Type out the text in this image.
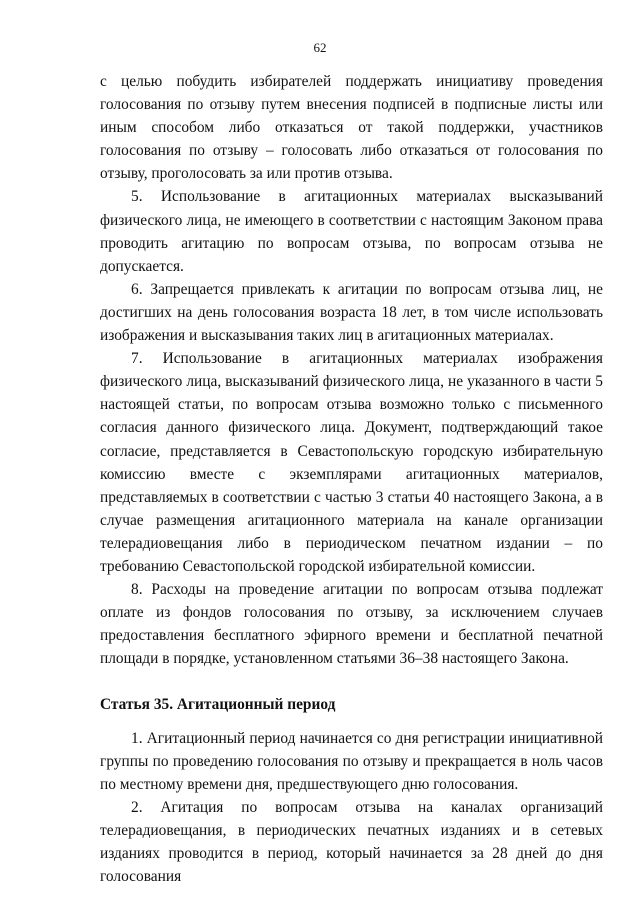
62

с целью побудить избирателей поддержать инициативу проведения голосования по отзыву путем внесения подписей в подписные листы или иным способом либо отказаться от такой поддержки, участников голосования по отзыву – голосовать либо отказаться от голосования по отзыву, проголосовать за или против отзыва.

5. Использование в агитационных материалах высказываний физического лица, не имеющего в соответствии с настоящим Законом права проводить агитацию по вопросам отзыва, по вопросам отзыва не допускается.

6. Запрещается привлекать к агитации по вопросам отзыва лиц, не достигших на день голосования возраста 18 лет, в том числе использовать изображения и высказывания таких лиц в агитационных материалах.

7. Использование в агитационных материалах изображения физического лица, высказываний физического лица, не указанного в части 5 настоящей статьи, по вопросам отзыва возможно только с письменного согласия данного физического лица. Документ, подтверждающий такое согласие, представляется в Севастопольскую городскую избирательную комиссию вместе с экземплярами агитационных материалов, представляемых в соответствии с частью 3 статьи 40 настоящего Закона, а в случае размещения агитационного материала на канале организации телерадиовещания либо в периодическом печатном издании – по требованию Севастопольской городской избирательной комиссии.

8. Расходы на проведение агитации по вопросам отзыва подлежат оплате из фондов голосования по отзыву, за исключением случаев предоставления бесплатного эфирного времени и бесплатной печатной площади в порядке, установленном статьями 36–38 настоящего Закона.

Статья 35. Агитационный период

1. Агитационный период начинается со дня регистрации инициативной группы по проведению голосования по отзыву и прекращается в ноль часов по местному времени дня, предшествующего дню голосования.

2. Агитация по вопросам отзыва на каналах организаций телерадиовещания, в периодических печатных изданиях и в сетевых изданиях проводится в период, который начинается за 28 дней до дня голосования
